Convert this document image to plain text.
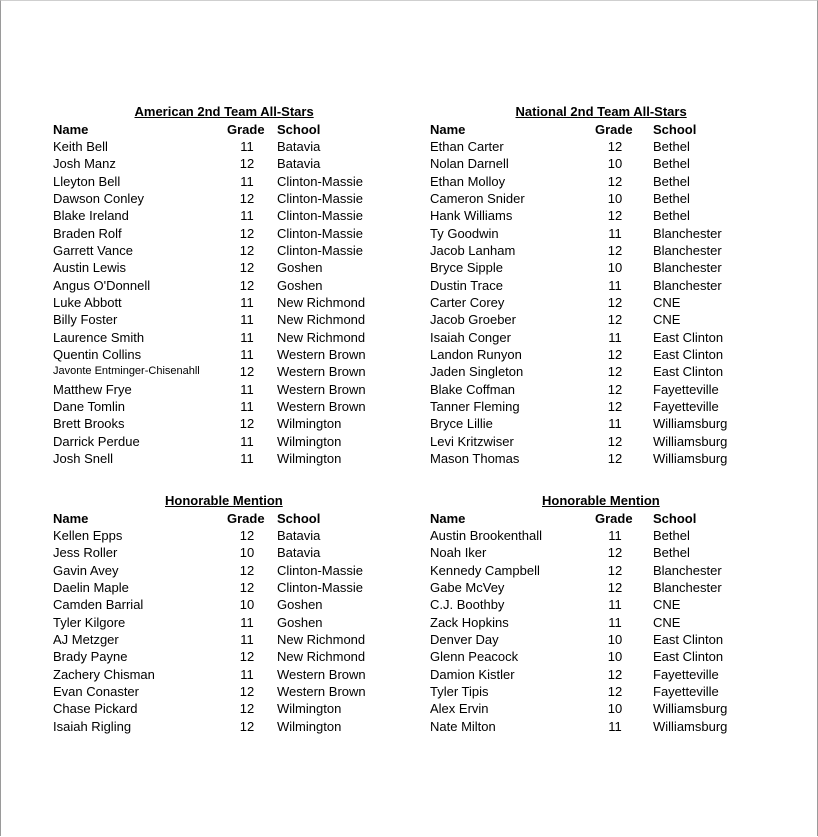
American 2nd Team All-Stars
Name	Grade School
Keith Bell	11	Batavia
Josh Manz	12	Batavia
Lleyton Bell	11	Clinton-Massie
Dawson Conley	12	Clinton-Massie
Blake Ireland	11	Clinton-Massie
Braden Rolf	12	Clinton-Massie
Garrett Vance	12	Clinton-Massie
Austin Lewis	12	Goshen
Angus O'Donnell	12	Goshen
Luke Abbott	11	New Richmond
Billy Foster	11	New Richmond
Laurence Smith	11	New Richmond
Quentin Collins	11	Western Brown
Javonte Entminger-Chisenahll	12	Western Brown
Matthew Frye	11	Western Brown
Dane Tomlin	11	Western Brown
Brett Brooks	12	Wilmington
Darrick Perdue	11	Wilmington
Josh Snell	11	Wilmington
National 2nd Team All-Stars
Name	Grade School
Ethan Carter	12	Bethel
Nolan Darnell	10	Bethel
Ethan Molloy	12	Bethel
Cameron Snider	10	Bethel
Hank Williams	12	Bethel
Ty Goodwin	11	Blanchester
Jacob Lanham	12	Blanchester
Bryce Sipple	10	Blanchester
Dustin Trace	11	Blanchester
Carter Corey	12	CNE
Jacob Groeber	12	CNE
Isaiah Conger	11	East Clinton
Landon Runyon	12	East Clinton
Jaden Singleton	12	East Clinton
Blake Coffman	12	Fayetteville
Tanner Fleming	12	Fayetteville
Bryce Lillie	11	Williamsburg
Levi Kritzwiser	12	Williamsburg
Mason Thomas	12	Williamsburg
Honorable Mention
Name	Grade School
Kellen Epps	12	Batavia
Jess Roller	10	Batavia
Gavin Avey	12	Clinton-Massie
Daelin Maple	12	Clinton-Massie
Camden Barrial	10	Goshen
Tyler Kilgore	11	Goshen
AJ Metzger	11	New Richmond
Brady Payne	12	New Richmond
Zachery Chisman	11	Western Brown
Evan Conaster	12	Western Brown
Chase Pickard	12	Wilmington
Isaiah Rigling	12	Wilmington
Honorable Mention
Name	Grade School
Austin Brookenthall	11	Bethel
Noah Iker	12	Bethel
Kennedy Campbell	12	Blanchester
Gabe McVey	12	Blanchester
C.J. Boothby	11	CNE
Zack Hopkins	11	CNE
Denver Day	10	East Clinton
Glenn Peacock	10	East Clinton
Damion Kistler	12	Fayetteville
Tyler Tipis	12	Fayetteville
Alex Ervin	10	Williamsburg
Nate Milton	11	Williamsburg
